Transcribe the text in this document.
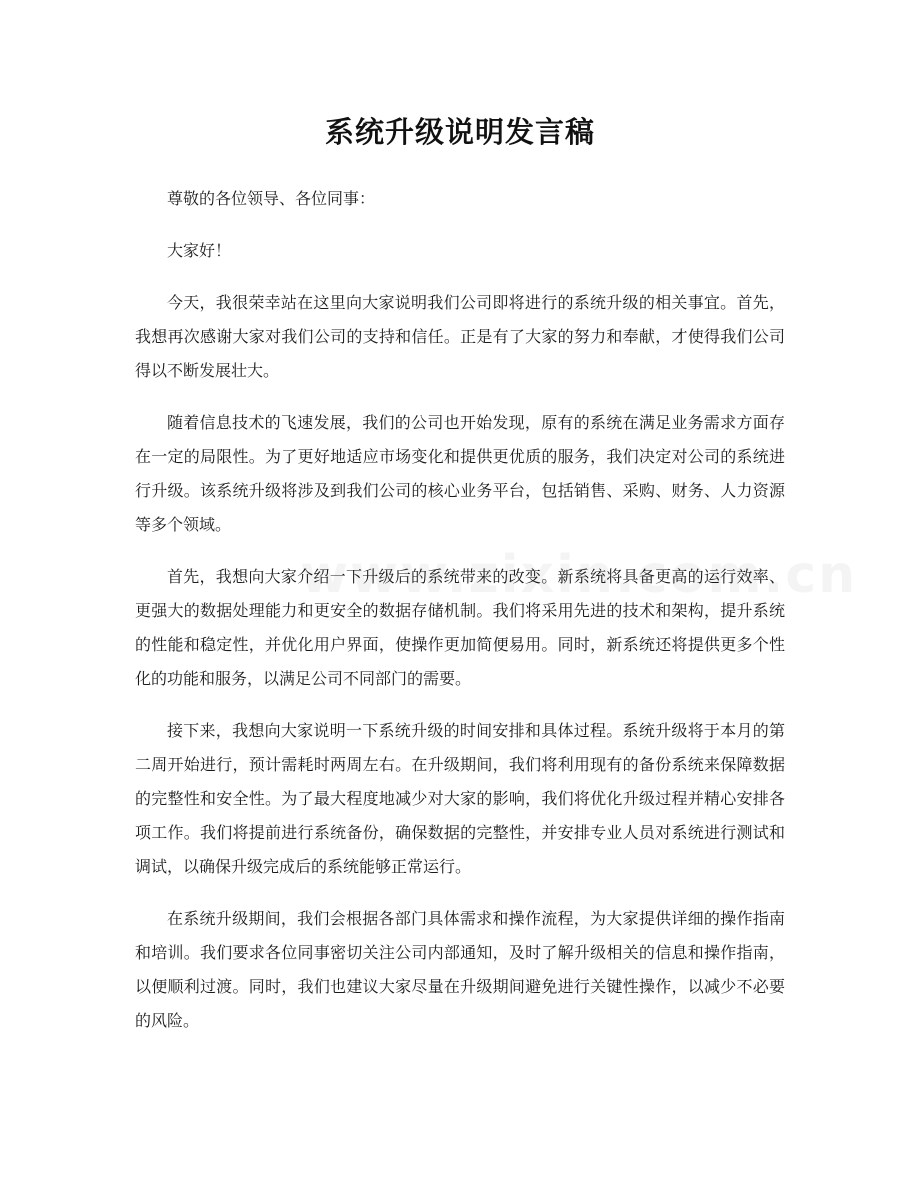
系统升级说明发言稿

尊敬的各位领导、各位同事：

大家好！

今天，我很荣幸站在这里向大家说明我们公司即将进行的系统升级的相关事宜。首先，我想再次感谢大家对我们公司的支持和信任。正是有了大家的努力和奉献，才使得我们公司得以不断发展壮大。

随着信息技术的飞速发展，我们的公司也开始发现，原有的系统在满足业务需求方面存在一定的局限性。为了更好地适应市场变化和提供更优质的服务，我们决定对公司的系统进行升级。该系统升级将涉及到我们公司的核心业务平台，包括销售、采购、财务、人力资源等多个领域。

首先，我想向大家介绍一下升级后的系统带来的改变。新系统将具备更高的运行效率、更强大的数据处理能力和更安全的数据存储机制。我们将采用先进的技术和架构，提升系统的性能和稳定性，并优化用户界面，使操作更加简便易用。同时，新系统还将提供更多个性化的功能和服务，以满足公司不同部门的需要。

接下来，我想向大家说明一下系统升级的时间安排和具体过程。系统升级将于本月的第二周开始进行，预计需耗时两周左右。在升级期间，我们将利用现有的备份系统来保障数据的完整性和安全性。为了最大程度地减少对大家的影响，我们将优化升级过程并精心安排各项工作。我们将提前进行系统备份，确保数据的完整性，并安排专业人员对系统进行测试和调试，以确保升级完成后的系统能够正常运行。

在系统升级期间，我们会根据各部门具体需求和操作流程，为大家提供详细的操作指南和培训。我们要求各位同事密切关注公司内部通知，及时了解升级相关的信息和操作指南，以便顺利过渡。同时，我们也建议大家尽量在升级期间避免进行关键性操作，以减少不必要的风险。
